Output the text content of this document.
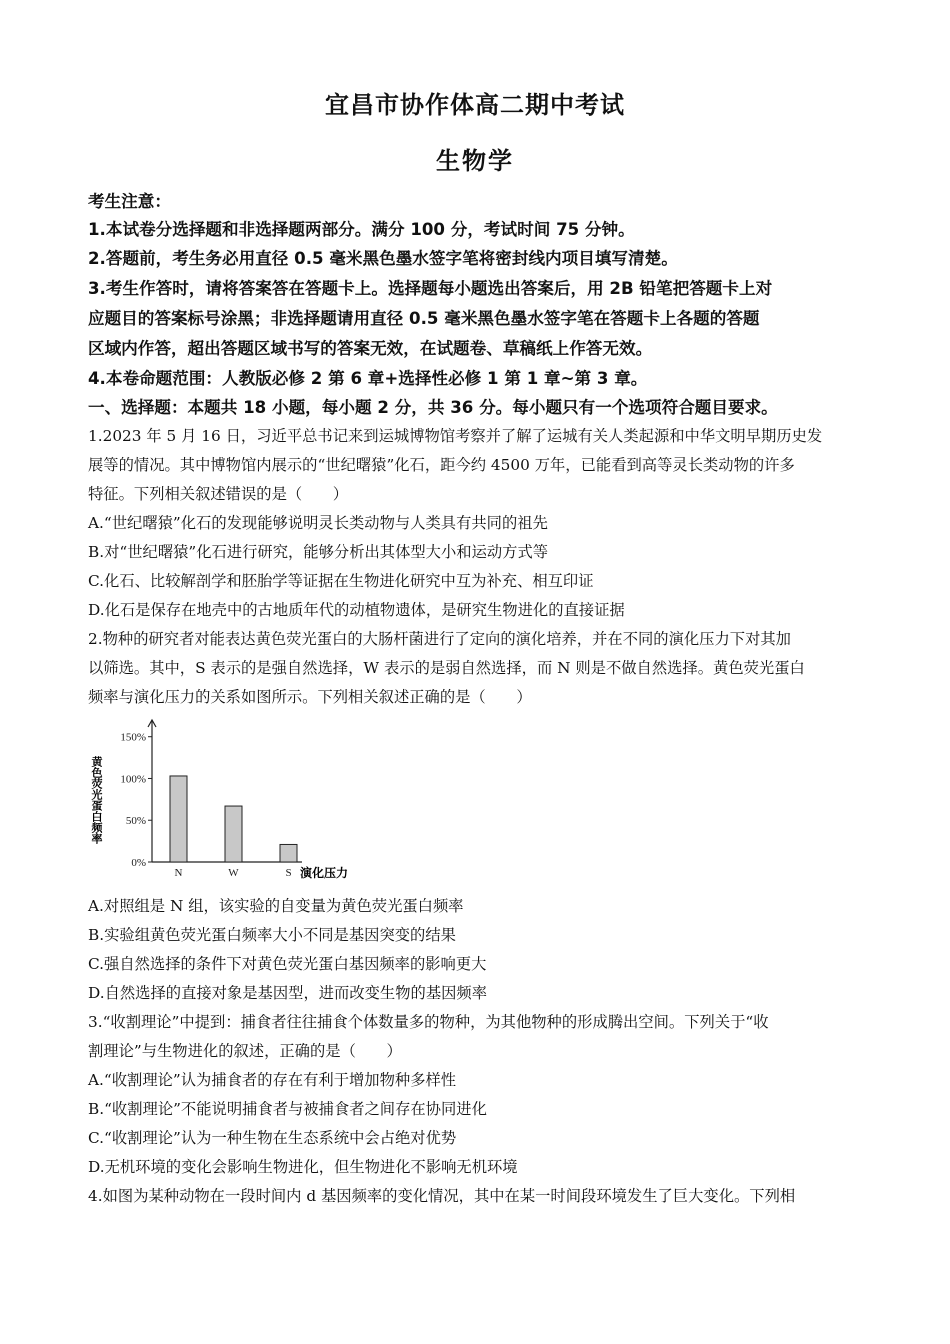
宜昌市协作体高二期中考试
生物学
考生注意：
1.本试卷分选择题和非选择题两部分。满分 100 分，考试时间 75 分钟。
2.答题前，考生务必用直径 0.5 毫米黑色墨水签字笔将密封线内项目填写清楚。
3.考生作答时，请将答案答在答题卡上。选择题每小题选出答案后，用 2B 铅笔把答题卡上对
应题目的答案标号涂黑；非选择题请用直径 0.5 毫米黑色墨水签字笔在答题卡上各题的答题
区域内作答，超出答题区域书写的答案无效，在试题卷、草稿纸上作答无效。
4.本卷命题范围：人教版必修 2 第 6 章+选择性必修 1 第 1 章~第 3 章。
一、选择题：本题共 18 小题，每小题 2 分，共 36 分。每小题只有一个选项符合题目要求。
1.2023 年 5 月 16 日，习近平总书记来到运城博物馆考察并了解了运城有关人类起源和中华文明早期历史发
展等的情况。其中博物馆内展示的“世纪曙猿”化石，距今约 4500 万年，已能看到高等灵长类动物的许多
特征。下列相关叙述错误的是（　　）
A.“世纪曙猿”化石的发现能够说明灵长类动物与人类具有共同的祖先
B.对“世纪曙猿”化石进行研究，能够分析出其体型大小和运动方式等
C.化石、比较解剖学和胚胎学等证据在生物进化研究中互为补充、相互印证
D.化石是保存在地壳中的古地质年代的动植物遗体，是研究生物进化的直接证据
2.物种的研究者对能表达黄色荧光蛋白的大肠杆菌进行了定向的演化培养，并在不同的演化压力下对其加
以筛选。其中，S 表示的是强自然选择，W 表示的是弱自然选择，而 N 则是不做自然选择。黄色荧光蛋白
频率与演化压力的关系如图所示。下列相关叙述正确的是（　　）
0%
50%
100%
150%
N	W	S
黄色荧光蛋白频率
演化压力
A.对照组是 N 组，该实验的自变量为黄色荧光蛋白频率
B.实验组黄色荧光蛋白频率大小不同是基因突变的结果
C.强自然选择的条件下对黄色荧光蛋白基因频率的影响更大
D.自然选择的直接对象是基因型，进而改变生物的基因频率
3.“收割理论”中提到：捕食者往往捕食个体数量多的物种，为其他物种的形成腾出空间。下列关于“收
割理论”与生物进化的叙述，正确的是（　　）
A.“收割理论”认为捕食者的存在有利于增加物种多样性
B.“收割理论”不能说明捕食者与被捕食者之间存在协同进化
C.“收割理论”认为一种生物在生态系统中会占绝对优势
D.无机环境的变化会影响生物进化，但生物进化不影响无机环境
4.如图为某种动物在一段时间内 d 基因频率的变化情况，其中在某一时间段环境发生了巨大变化。下列相
